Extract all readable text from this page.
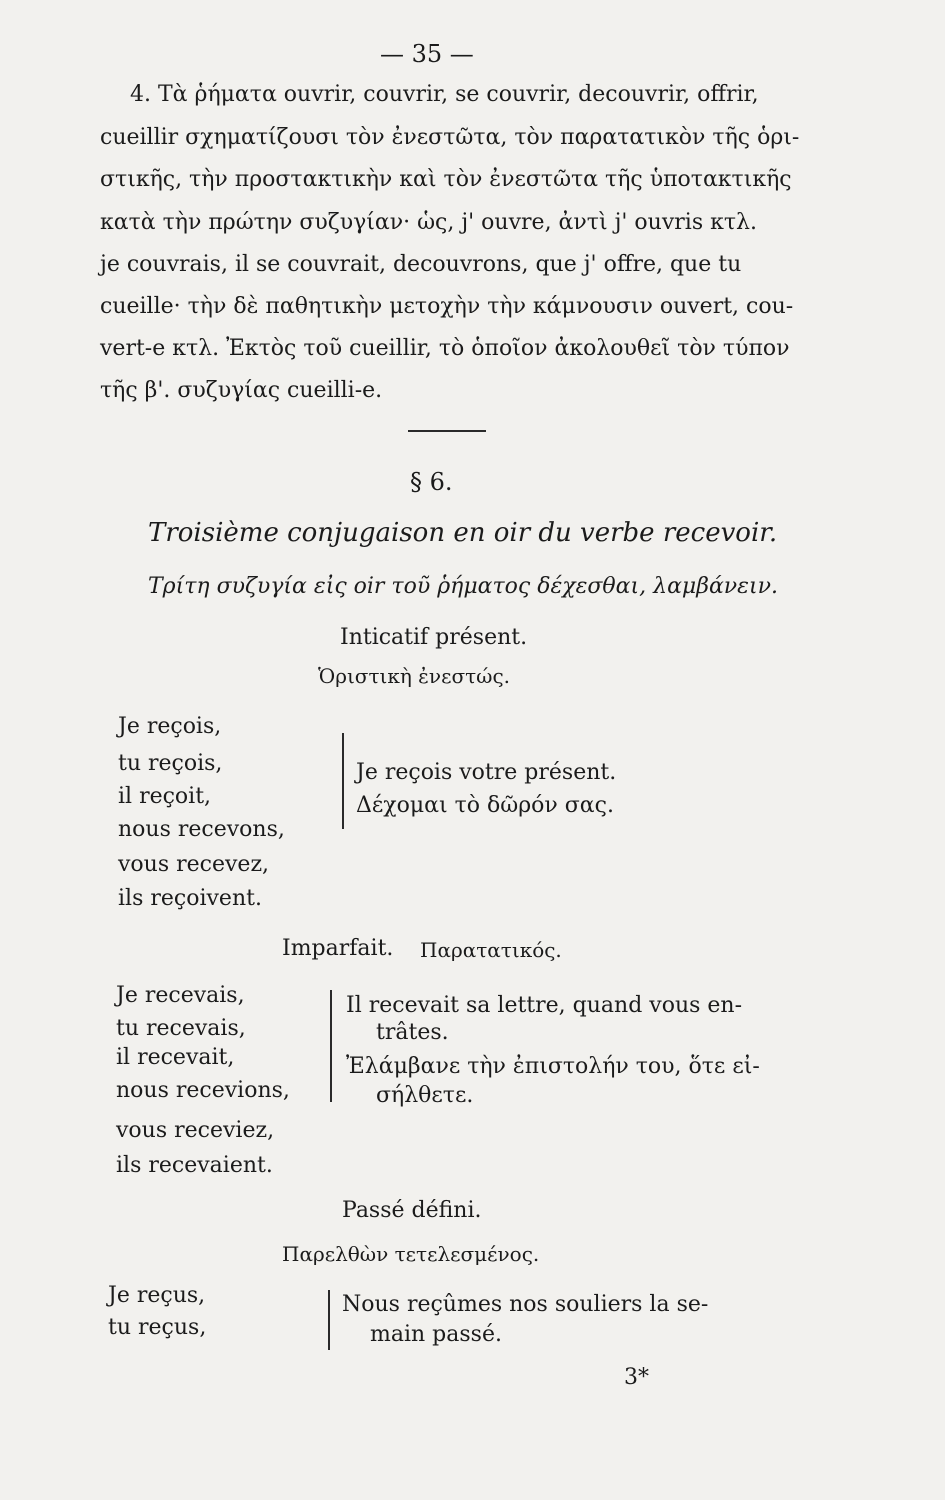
— 35 —
4. Τὰ ῥήματα ouvrir, couvrir, se couvrir, decouvrir, offrir,
cueillir σχηματίζουσι τὸν ἐνεστῶτα, τὸν παρατατικὸν τῆς ὁρι-
στικῆς, τὴν προστακτικὴν καὶ τὸν ἐνεστῶτα τῆς ὑποτακτικῆς
κατὰ τὴν πρώτην συζυγίαν· ὡς, j' ouvre, ἀντὶ j' ouvris κτλ.
je couvrais, il se couvrait, decouvrons, que j' offre, que tu
cueille· τὴν δὲ παθητικὴν μετοχὴν τὴν κάμνουσιν ouvert, cou-
vert-e κτλ. Ἐκτὸς τοῦ cueillir, τὸ ὁποῖον ἀκολουθεῖ τὸν τύπον
τῆς β'. συζυγίας cueilli-e.
§ 6.
Troisième conjugaison en oir du verbe recevoir.
Τρίτη συζυγία εἰς oir τοῦ ῥήματος δέχεσθαι, λαμβάνειν.
Inticatif présent.
Ὁριστικὴ ἐνεστώς.
Je reçois,
tu reçois,
il reçoit,
nous recevons,
vous recevez,
ils reçoivent.
Je reçois votre présent.
Δέχομαι τὸ δῶρόν σας.
Imparfait. Παρατατικός.
Je recevais,
tu recevais,
il recevait,
nous recevions,
vous receviez,
ils recevaient.
Il recevait sa lettre, quand vous en-
trâtes.
Ἐλάμβανε τὴν ἐπιστολήν του, ὅτε εἰ-
σήλθετε.
Passé défini.
Παρελθὼν τετελεσμένος.
Je reçus,
tu reçus,
Nous reçûmes nos souliers la se-
main passé.
3*
